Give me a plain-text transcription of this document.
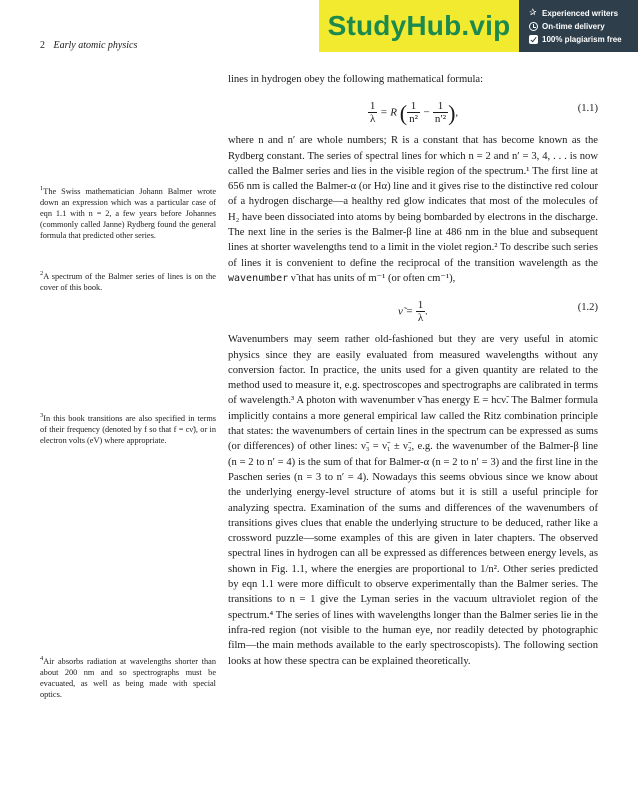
2 Early atomic physics
StudyHub.vip
✰	Experienced writers
On-time delivery
100% plagiarism free

lines in hydrogen obey the following mathematical formula:

$\frac{1}{\lambda} = R$ ( $\frac{1}{\text{n²}} - \frac{1}{\text{n′²}}$ ),	(1.1)

where n and n′ are whole numbers; R is a constant that has become known as the Rydberg constant. The series of spectral lines for which n = 2 and n′ = 3, 4, . . . is now called the Balmer series and lies in the visible region of the spectrum.¹ The first line at 656 nm is called the Balmer-α (or Hα) line and it gives rise to the distinctive red colour of a hydrogen discharge—a healthy red glow indicates that most of the molecules of H₂ have been dissociated into atoms by being bombarded by electrons in the discharge. The next line in the series is the Balmer-β line at 486 nm in the blue and subsequent lines at shorter wavelengths tend to a limit in the violet region.² To describe such series of lines it is convenient to define the reciprocal of the transition wavelength as the wavenumber ν̃ that has units of m⁻¹ (or often cm⁻¹),

ν̃ = $\frac{1}{\lambda}$ .	(1.2)

Wavenumbers may seem rather old-fashioned but they are very useful in atomic physics since they are easily evaluated from measured wavelengths without any conversion factor. In practice, the units used for a given quantity are related to the method used to measure it, e.g. spectroscopes and spectrographs are calibrated in terms of wavelength.³ A photon with wavenumber ν̃ has energy E = hcν̃. The Balmer formula implicitly contains a more general empirical law called the Ritz combination principle that states: the wavenumbers of certain lines in the spectrum can be expressed as sums (or differences) of other lines: ν̃₃ = ν̃₁ ± ν̃₂, e.g. the wavenumber of the Balmer-β line (n = 2 to n′ = 4) is the sum of that for Balmer-α (n = 2 to n′ = 3) and the first line in the Paschen series (n = 3 to n′ = 4). Nowadays this seems obvious since we know about the underlying energy-level structure of atoms but it is still a useful principle for analyzing spectra. Examination of the sums and differences of the wavenumbers of transitions gives clues that enable the underlying structure to be deduced, rather like a crossword puzzle—some examples of this are given in later chapters. The observed spectral lines in hydrogen can all be expressed as differences between energy levels, as shown in Fig. 1.1, where the energies are proportional to 1/n². Other series predicted by eqn 1.1 were more difficult to observe experimentally than the Balmer series. The transitions to n = 1 give the Lyman series in the vacuum ultraviolet region of the spectrum.⁴ The series of lines with wavelengths longer than the Balmer series lie in the infra-red region (not visible to the human eye, nor readily detected by photographic film—the main methods available to the early spectroscopists). The following section looks at how these spectra can be explained theoretically.

$^1$The Swiss mathematician Johann Balmer wrote down an expression which was a particular case of eqn 1.1 with n = 2, a few years before Johannes (commonly called Janne) Rydberg found the general formula that predicted other series.
$^2$A spectrum of the Balmer series of lines is on the cover of this book.
$^3$In this book transitions are also specified in terms of their frequency (denoted by f so that f = cν̃), or in electron volts (eV) where appropriate.
$^4$Air absorbs radiation at wavelengths shorter than about 200 nm and so spectrographs must be evacuated, as well as being made with special optics.
